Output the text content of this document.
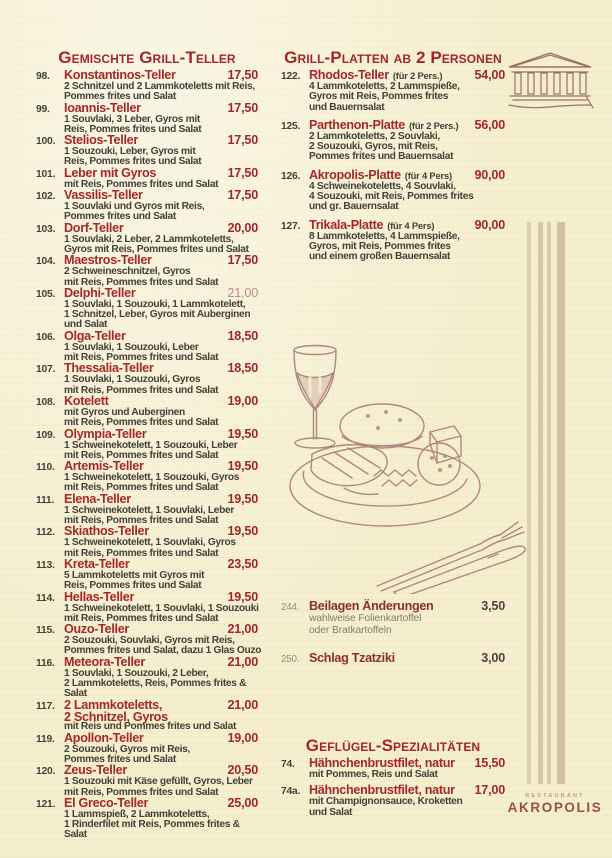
Gemischte Grill-Teller
98.	Konstantinos-Teller	17,50
2 Schnitzel und 2 Lammkoteletts mit Reis,
Pommes frites und Salat
99.	Ioannis-Teller	17,50
1 Souvlaki, 3 Leber, Gyros mit
Reis, Pommes frites und Salat
100. Stelios-Teller	17,50
1 Souzouki, Leber, Gyros mit
Reis, Pommes frites und Salat
101. Leber mit Gyros	17,50
mit Reis, Pommes frites und Salat
102. Vassilis-Teller	17,50
1 Souvlaki und Gyros mit Reis,
Pommes frites und Salat
103. Dorf-Teller	20,00
1 Souvlaki, 2 Leber, 2 Lammkoteletts,
Gyros mit Reis, Pommes frites und Salat
104. Maestros-Teller	17,50
2 Schweineschnitzel, Gyros
mit Reis, Pommes frites und Salat
105. Delphi-Teller	21,00
1 Souvlaki, 1 Souzouki, 1 Lammkotelett,
1 Schnitzel, Leber, Gyros mit Auberginen
und Salat
106. Olga-Teller	18,50
1 Souvlaki, 1 Souzouki, Leber
mit Reis, Pommes frites und Salat
107. Thessalia-Teller	18,50
1 Souvlaki, 1 Souzouki, Gyros
mit Reis, Pommes frites und Salat
108. Kotelett	19,00
mit Gyros und Auberginen
mit Reis, Pommes frites und Salat
109. Olympia-Teller	19,50
1 Schweinekotelett, 1 Souzouki, Leber
mit Reis, Pommes frites und Salat
110. Artemis-Teller	19,50
1 Schweinekotelett, 1 Souzouki, Gyros
mit Reis, Pommes frites und Salat
111. Elena-Teller	19,50
1 Schweinekotelett, 1 Souvlaki, Leber
mit Reis, Pommes frites und Salat
112. Skiathos-Teller	19,50
1 Schweinekotelett, 1 Souvlaki, Gyros
mit Reis, Pommes frites und Salat
113. Kreta-Teller	23,50
5 Lammkoteletts mit Gyros mit
Reis, Pommes frites und Salat
114. Hellas-Teller	19,50
1 Schweinekotelett, 1 Souvlaki, 1 Souzouki
mit Reis, Pommes frites und Salat
115. Ouzo-Teller	21,00
2 Souzouki, Souvlaki, Gyros mit Reis,
Pommes frites und Salat, dazu 1 Glas Ouzo
116. Meteora-Teller	21,00
1 Souvlaki, 1 Souzouki, 2 Leber,
2 Lammkoteletts, Reis, Pommes frites &
Salat
117. 2 Lammkoteletts,	21,00
2 Schnitzel, Gyros
mit Reis und Pommes frites und Salat
119. Apollon-Teller	19,00
2 Souzouki, Gyros mit Reis,
Pommes frites und Salat
120. Zeus-Teller	20,50
1 Souzouki mit Käse gefüllt, Gyros, Leber
mit Reis, Pommes frites und Salat
121. El Greco-Teller	25,00
1 Lammspieß, 2 Lammkoteletts,
1 Rinderfilet mit Reis, Pommes frites &
Salat
Grill-Platten ab 2 Personen
122. Rhodos-Teller (für 2 Pers.)	54,00
4 Lammkoteletts, 2 Lammspieße,
Gyros mit Reis, Pommes frites
und Bauernsalat
125. Parthenon-Platte (für 2 Pers.) 56,00
2 Lammkoteletts, 2 Souvlaki,
2 Souzouki, Gyros, mit Reis,
Pommes frites und Bauernsalat
126. Akropolis-Platte (für 4 Pers) 90,00
4 Schweinekoteletts, 4 Souvlaki,
4 Souzouki, mit Reis, Pommes frites
und gr. Bauernsalat
127. Trikala-Platte (für 4 Pers)	90,00
8 Lammkoteletts, 4 Lammspieße,
Gyros, mit Reis, Pommes frites
und einem großen Bauernsalat
244. Beilagen Änderungen	3,50
wahlweise Folienkartoffel
oder Bratkartoffeln
250. Schlag Tzatziki	3,00
Geflügel-Spezialitäten
74.	Hähnchenbrustfilet, natur 15,50
mit Pommes, Reis und Salat
74a. Hähnchenbrustfilet, natur 17,00
mit Champignonsauce, Kroketten
und Salat
RESTAURANT
AKROPOLIS
